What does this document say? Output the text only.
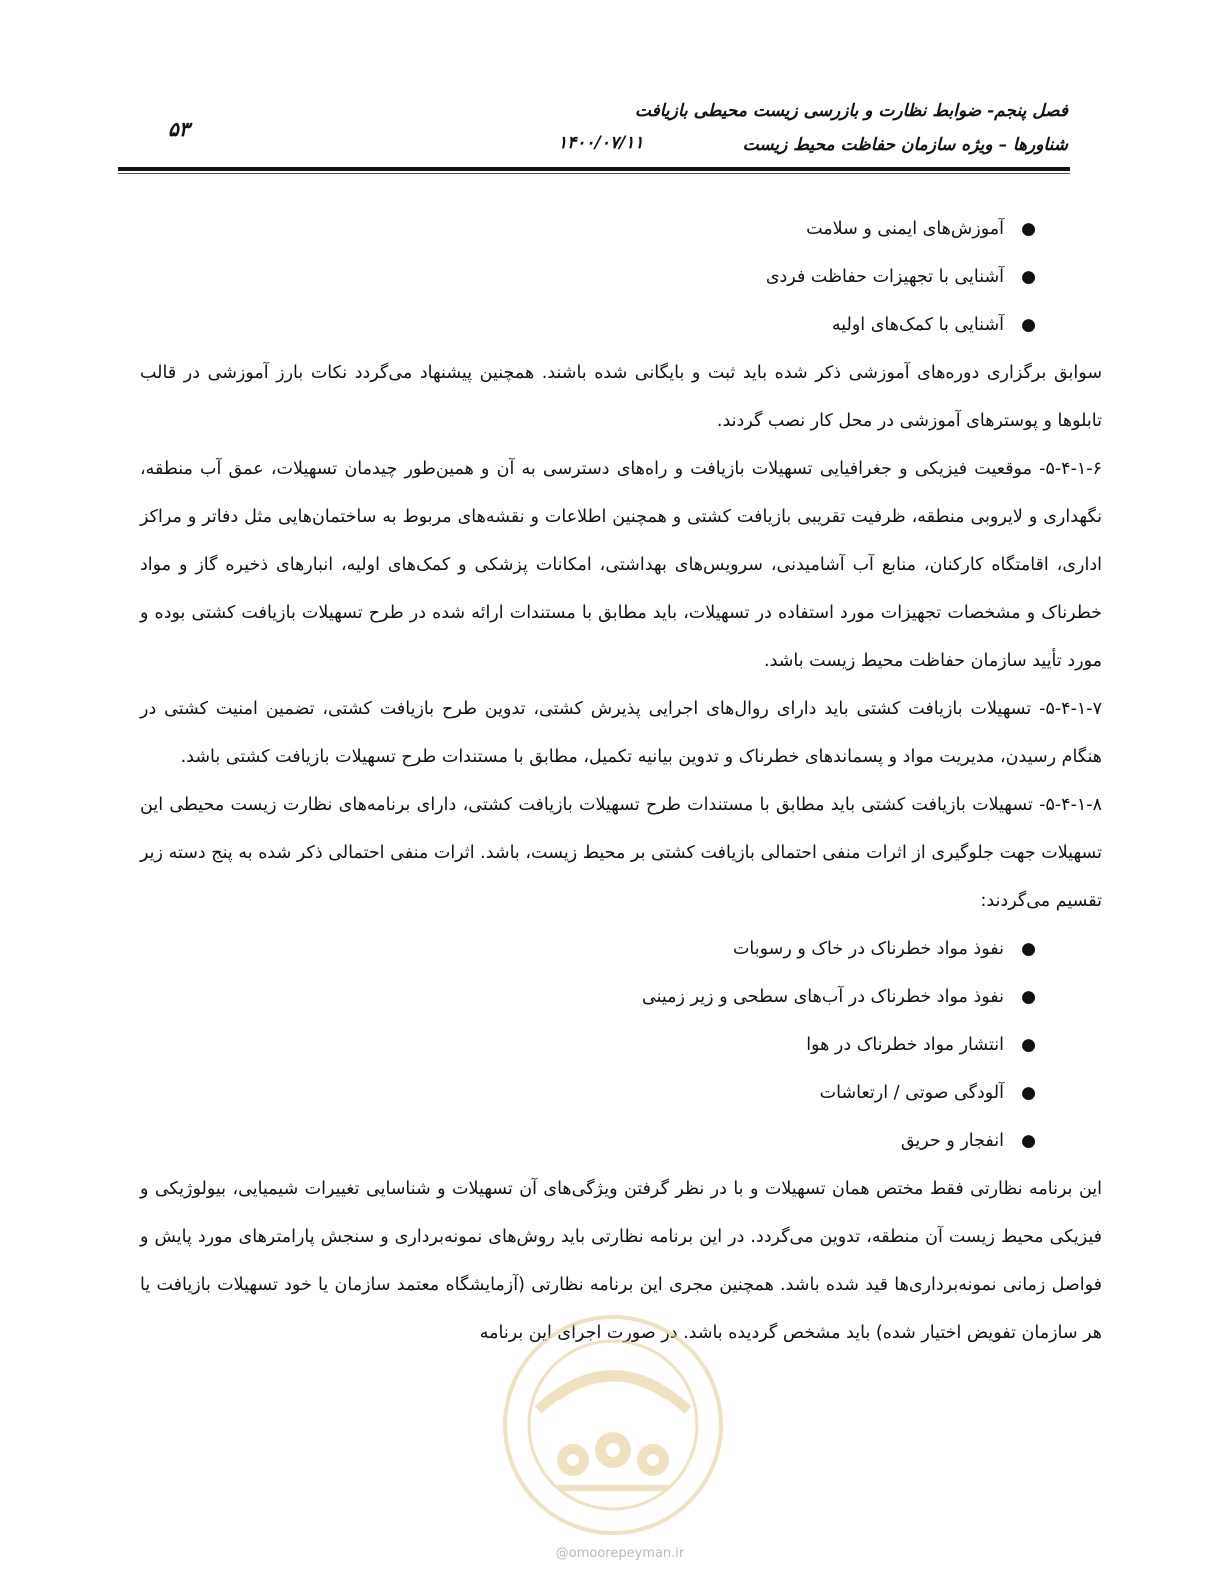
فصل پنجم- ضوابط نظارت و بازرسی زیست محیطی بازیافت
شناورها – ویژه سازمان حفاظت محیط زیست
۱۴۰۰/۰۷/۱۱
۵۳
●
آموزش‌های ایمنی و سلامت
●
آشنایی با تجهیزات حفاظت فردی
●
آشنایی با کمک‌های اولیه

سوابق برگزاری دوره‌های آموزشی ذکر شده باید ثبت و بایگانی شده باشند. همچنین پیشنهاد می‌گردد نکات بارز آموزشی در قالب تابلوها و پوسترهای آموزشی در محل کار نصب گردند.

۵-۴-۱-۶- موقعیت فیزیکی و جغرافیایی تسهیلات بازیافت و راه‌های دسترسی به آن و همین‌طور چیدمان تسهیلات، عمق آب منطقه، نگهداری و لایروبی منطقه، ظرفیت تقریبی بازیافت کشتی و همچنین اطلاعات و نقشه‌های مربوط به ساختمان‌هایی مثل دفاتر و مراکز اداری، اقامتگاه کارکنان، منابع آب آشامیدنی، سرویس‌های بهداشتی، امکانات پزشکی و کمک‌های اولیه، انبارهای ذخیره گاز و مواد خطرناک و مشخصات تجهیزات مورد استفاده در تسهیلات، باید مطابق با مستندات ارائه شده در طرح تسهیلات بازیافت کشتی بوده و مورد تأیید سازمان حفاظت محیط زیست باشد.

۵-۴-۱-۷- تسهیلات بازیافت کشتی باید دارای روال‌های اجرایی پذیرش کشتی، تدوین طرح بازیافت کشتی، تضمین امنیت کشتی در هنگام رسیدن، مدیریت مواد و پسماندهای خطرناک و تدوین بیانیه تکمیل، مطابق با مستندات طرح تسهیلات بازیافت کشتی باشد.

۵-۴-۱-۸- تسهیلات بازیافت کشتی باید مطابق با مستندات طرح تسهیلات بازیافت کشتی، دارای برنامه‌های نظارت زیست محیطی این تسهیلات جهت جلوگیری از اثرات منفی احتمالی بازیافت کشتی بر محیط زیست، باشد. اثرات منفی احتمالی ذکر شده به پنج دسته زیر تقسیم می‌گردند:

●
نفوذ مواد خطرناک در خاک و رسوبات
●
نفوذ مواد خطرناک در آب‌های سطحی و زیر زمینی
●
انتشار مواد خطرناک در هوا
●
آلودگی صوتی / ارتعاشات
●
انفجار و حریق

این برنامه نظارتی فقط مختص همان تسهیلات و با در نظر گرفتن ویژگی‌های آن تسهیلات و شناسایی تغییرات شیمیایی، بیولوژیکی و فیزیکی محیط زیست آن منطقه، تدوین می‌گردد. در این برنامه نظارتی باید روش‌های نمونه‌برداری و سنجش پارامترهای مورد پایش و فواصل زمانی نمونه‌برداری‌ها قید شده باشد. همچنین مجری این برنامه نظارتی (آزمایشگاه معتمد سازمان یا خود تسهیلات بازیافت یا هر سازمان تفویض اختیار شده) باید مشخص گردیده باشد. در صورت اجرای این برنامه

@omoorepeyman.ir
